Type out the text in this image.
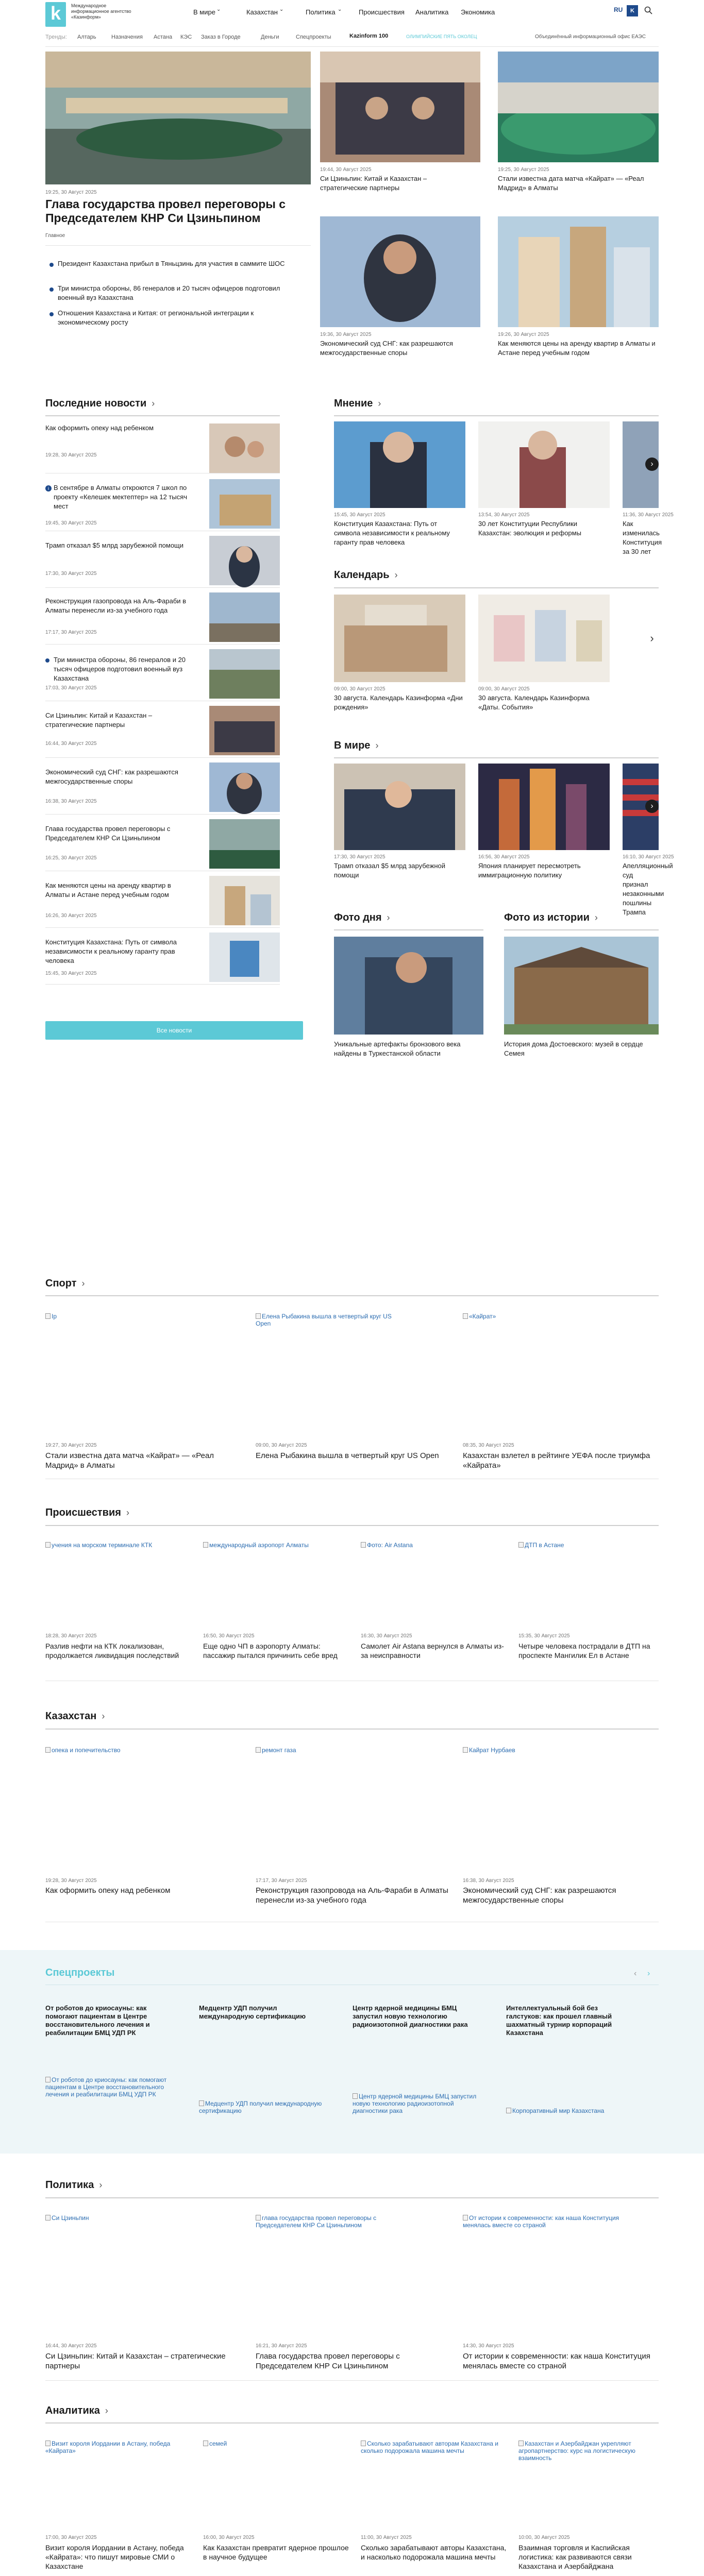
k	Международное информационное агентство «Казинформ»
В мире ⌄	Казахстан ⌄	Политика ⌄	Происшествия Аналитика Экономика	RU	K
Тренды: Алтарь	Назначения Астана КЭС Заказ в Городе	Деньги	Спецпроекты	Kazinform 100	ОЛИМПИЙСКИЕ ПЯТЬ ОКОЛЕЦ	Объединённый информационный офис ЕАЭС
19:25, 30 Август 2025
Глава государства провел переговоры с Председателем КНР Си Цзиньпином
Главное
Президент Казахстана прибыл в Тяньцзинь для участия в саммите ШОС
Три министра обороны, 86 генералов и 20 тысяч офицеров подготовил военный вуз Казахстана
Отношения Казахстана и Китая: от региональной интеграции к экономическому росту
19:44, 30 Август 2025
Си Цзиньпин: Китай и Казахстан – стратегические партнеры
19:25, 30 Август 2025
Стали известна дата матча «Кайрат» — «Реал Мадрид» в Алматы
19:36, 30 Август 2025
Экономический суд СНГ: как разрешаются межгосударственные споры
19:26, 30 Август 2025
Как меняются цены на аренду квартир в Алматы и Астане перед учебным годом
Последние новости ›
Как оформить опеку над ребенком
19:28, 30 Август 2025
i В сентябре в Алматы откроются 7 школ по проекту «Келешек мектептер» на 12 тысяч мест
19:45, 30 Август 2025
Трамп отказал $5 млрд зарубежной помощи
17:30, 30 Август 2025
Реконструкция газопровода на Аль-Фараби в Алматы перенесли из-за учебного года
17:17, 30 Август 2025
Три министра обороны, 86 генералов и 20 тысяч офицеров подготовил военный вуз Казахстана
17:03, 30 Август 2025
Си Цзиньпин: Китай и Казахстан – стратегические партнеры
16:44, 30 Август 2025
Экономический суд СНГ: как разрешаются межгосударственные споры
16:38, 30 Август 2025
Глава государства провел переговоры с Председателем КНР Си Цзиньпином
16:25, 30 Август 2025
Как меняются цены на аренду квартир в Алматы и Астане перед учебным годом
16:26, 30 Август 2025
Конституция Казахстана: Путь от символа независимости к реальному гаранту прав человека
15:45, 30 Август 2025
Все новости
Мнение ›
15:45, 30 Август 2025
Конституция Казахстана: Путь от символа независимости к реальному гаранту прав человека
13:54, 30 Август 2025
30 лет Конституции Республики Казахстан: эволюция и реформы
11:36, 30 Август 2025
Как изменилась Конституция за 30 лет
›
Календарь ›
09:00, 30 Август 2025
30 августа. Календарь Казинформа «Дни рождения»
09:00, 30 Август 2025
30 августа. Календарь Казинформа «Даты. События»
›
В мире ›
17:30, 30 Август 2025
Трамп отказал $5 млрд зарубежной помощи
16:56, 30 Август 2025
Япония планирует пересмотреть иммиграционную политику
16:10, 30 Август 2025
Апелляционный суд признал незаконными пошлины Трампа
›
Фото дня ›
Уникальные артефакты бронзового века найдены в Туркестанской области
Фото из истории ›
История дома Достоевского: музей в сердце Семея
Спорт ›
Ір
19:27, 30 Август 2025
Стали известна дата матча «Кайрат» — «Реал Мадрид» в Алматы
Елена Рыбакина вышла в четвертый круг US Open
09:00, 30 Август 2025
Елена Рыбакина вышла в четвертый круг US Open
«Кайрат»
08:35, 30 Август 2025
Казахстан взлетел в рейтинге УЕФА после триумфа «Кайрата»
Происшествия ›
учения на морском терминале КТК
18:28, 30 Август 2025
Разлив нефти на КТК локализован, продолжается ликвидация последствий
международный аэропорт Алматы
16:50, 30 Август 2025
Еще одно ЧП в аэропорту Алматы: пассажир пытался причинить себе вред
Фото: Air Astana
16:30, 30 Август 2025
Самолет Air Astana вернулся в Алматы из-за неисправности
ДТП в Астане
15:35, 30 Август 2025
Четыре человека пострадали в ДТП на проспекте Мангилик Ел в Астане
Казахстан ›
опека и попечительство
19:28, 30 Август 2025
Как оформить опеку над ребенком
ремонт газа
17:17, 30 Август 2025
Реконструкция газопровода на Аль-Фараби в Алматы перенесли из-за учебного года
Кайрат Нурбаев
16:38, 30 Август 2025
Экономический суд СНГ: как разрешаются межгосударственные споры
Спецпроекты	‹ ›
От роботов до криосауны: как помогают пациентам в Центре восстановительного лечения и реабилитации БМЦ УДП РК
От роботов до криосауны: как помогают пациентам в Центре восстановительного лечения и реабилитации БМЦ УДП РК
Медцентр УДП получил международную сертификацию
Медцентр УДП получил международную сертификацию
Центр ядерной медицины БМЦ запустил новую технологию радиоизотопной диагностики рака
Центр ядерной медицины БМЦ запустил новую технологию радиоизотопной диагностики рака
Интеллектуальный бой без галстуков: как прошел главный шахматный турнир корпораций Казахстана
Корпоративный мир Казахстана
Политика ›
Си Цзиньпин
16:44, 30 Август 2025
Си Цзиньпин: Китай и Казахстан – стратегические партнеры
глава государства провел переговоры с Председателем КНР Си Цзиньпином
16:21, 30 Август 2025
Глава государства провел переговоры с Председателем КНР Си Цзиньпином
От истории к современности: как наша Конституция менялась вместе со страной
14:30, 30 Август 2025
От истории к современности: как наша Конституция менялась вместе со страной
Аналитика ›
Визит короля Иордании в Астану, победа «Кайрата»
17:00, 30 Август 2025
Визит короля Иордании в Астану, победа «Кайрата»: что пишут мировые СМИ о Казахстане
семей
16:00, 30 Август 2025
Как Казахстан превратит ядерное прошлое в научное будущее
Сколько зарабатывают авторам Казахстана и сколько подорожала машина мечты
11:00, 30 Август 2025
Сколько зарабатывают авторы Казахстана, и насколько подорожала машина мечты
Казахстан и Азербайджан укрепляют агропартнерство: курс на логистическую взаимность
10:00, 30 Август 2025
Взаимная торговля и Каспийская логистика: как развиваются связи Казахстана и Азербайджана
